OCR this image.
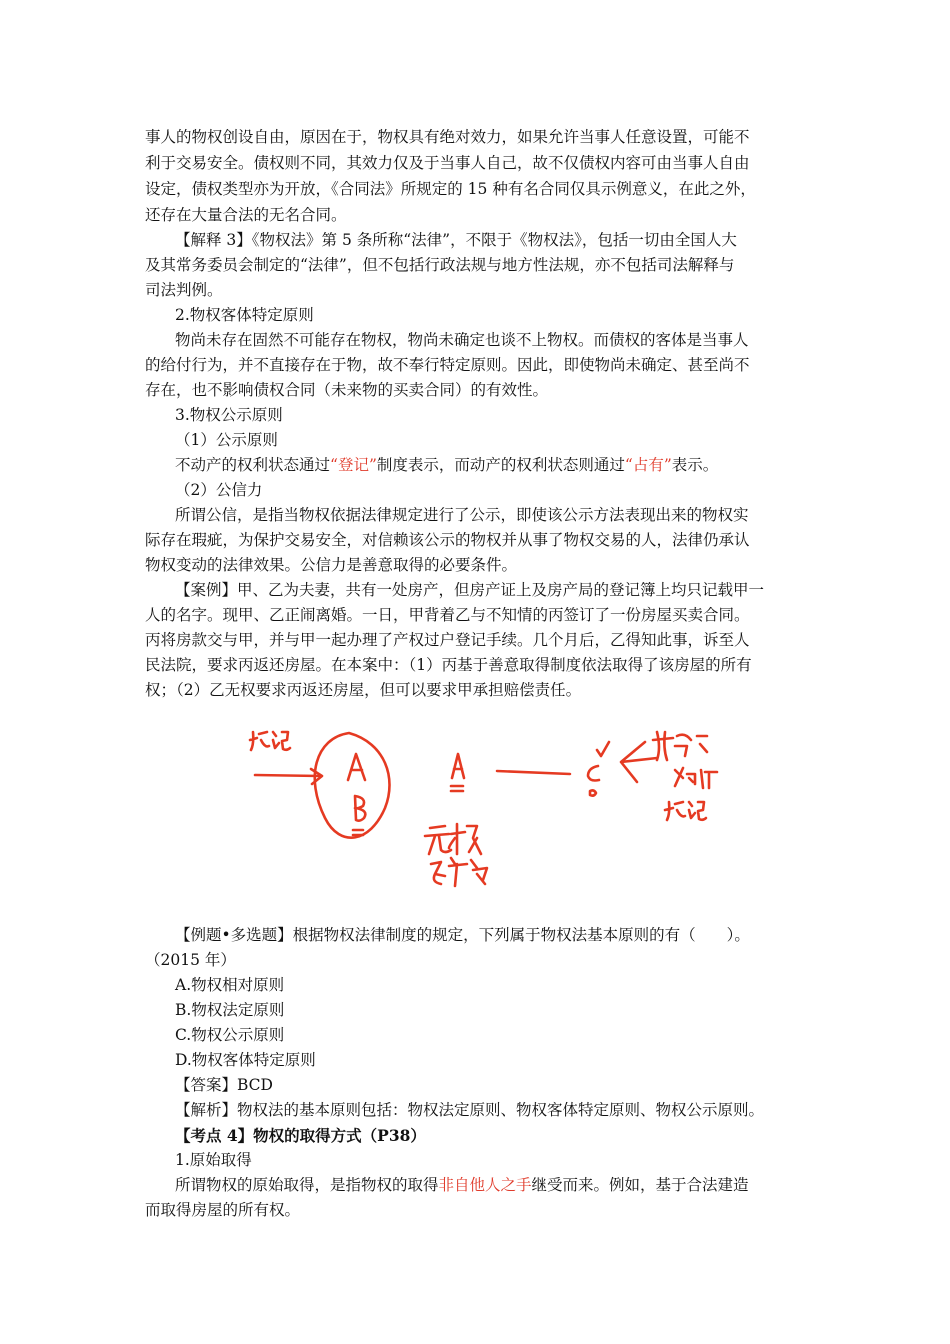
事人的物权创设自由，原因在于，物权具有绝对效力，如果允许当事人任意设置，可能不
利于交易安全。债权则不同，其效力仅及于当事人自己，故不仅债权内容可由当事人自由
设定，债权类型亦为开放，《合同法》所规定的 15 种有名合同仅具示例意义，在此之外，
还存在大量合法的无名合同。
【解释 3】《物权法》第 5 条所称“法律”，不限于《物权法》，包括一切由全国人大
及其常务委员会制定的“法律”，但不包括行政法规与地方性法规，亦不包括司法解释与
司法判例。
2.物权客体特定原则
物尚未存在固然不可能存在物权，物尚未确定也谈不上物权。而债权的客体是当事人
的给付行为，并不直接存在于物，故不奉行特定原则。因此，即使物尚未确定、甚至尚不
存在，也不影响债权合同（未来物的买卖合同）的有效性。
3.物权公示原则
（1）公示原则
不动产的权利状态通过“登记”制度表示，而动产的权利状态则通过“占有”表示。
（2）公信力
所谓公信，是指当物权依据法律规定进行了公示，即使该公示方法表现出来的物权实
际存在瑕疵，为保护交易安全，对信赖该公示的物权并从事了物权交易的人，法律仍承认
物权变动的法律效果。公信力是善意取得的必要条件。
【案例】甲、乙为夫妻，共有一处房产，但房产证上及房产局的登记簿上均只记载甲一
人的名字。现甲、乙正闹离婚。一日，甲背着乙与不知情的丙签订了一份房屋买卖合同。
丙将房款交与甲，并与甲一起办理了产权过户登记手续。几个月后，乙得知此事，诉至人
民法院，要求丙返还房屋。在本案中：（1）丙基于善意取得制度依法取得了该房屋的所有
权；（2）乙无权要求丙返还房屋，但可以要求甲承担赔偿责任。
【例题•多选题】根据物权法律制度的规定，下列属于物权法基本原则的有（　　）。
（2015 年）
A.物权相对原则
B.物权法定原则
C.物权公示原则
D.物权客体特定原则
【答案】BCD
【解析】物权法的基本原则包括：物权法定原则、物权客体特定原则、物权公示原则。
【考点 4】物权的取得方式（P38）
1.原始取得
所谓物权的原始取得，是指物权的取得非自他人之手继受而来。例如，基于合法建造
而取得房屋的所有权。
